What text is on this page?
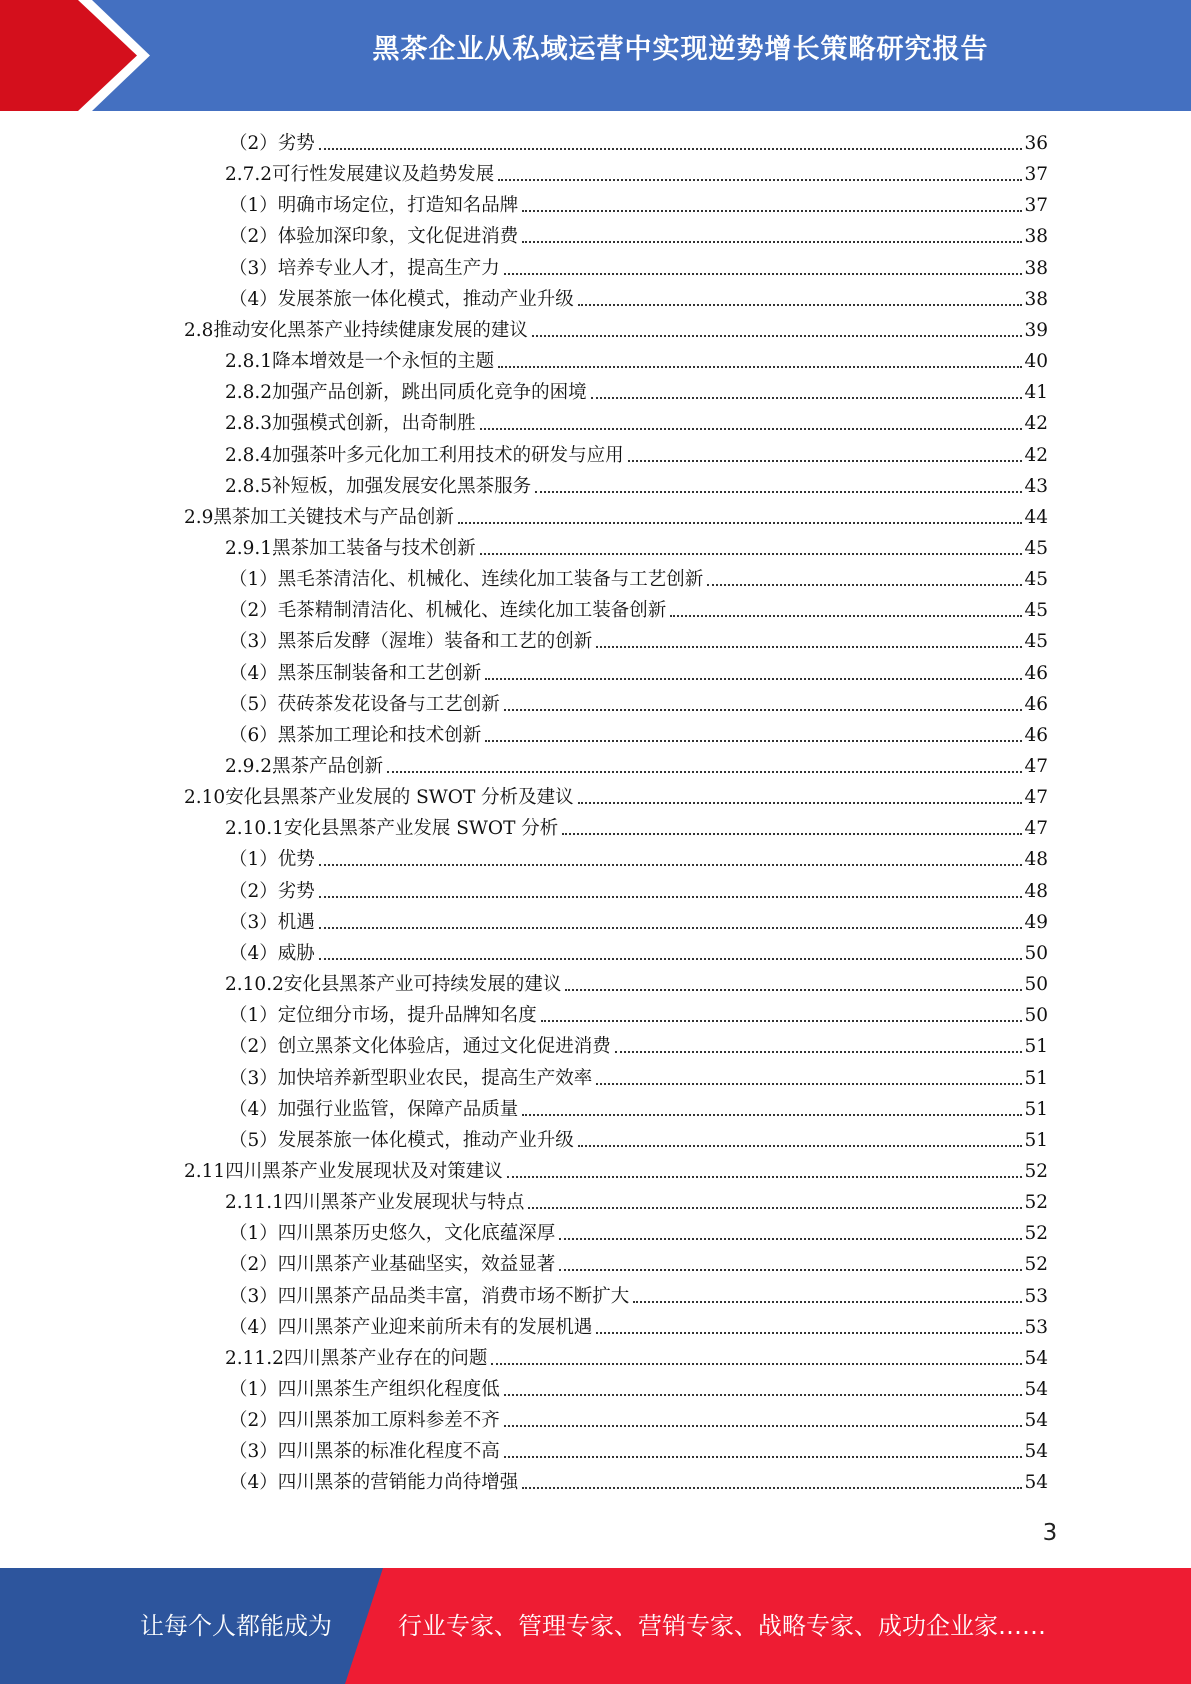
黑茶企业从私域运营中实现逆势增长策略研究报告
（2） 劣势	36
2.7.2 可行性发展建议及趋势发展	37
（1） 明确市场定位，打造知名品牌	37
（2） 体验加深印象，文化促进消费	38
（3） 培养专业人才，提高生产力	38
（4） 发展茶旅一体化模式，推动产业升级	38
2.8 推动安化黑茶产业持续健康发展的建议	39
2.8.1 降本增效是一个永恒的主题	40
2.8.2 加强产品创新，跳出同质化竞争的困境	41
2.8.3 加强模式创新，出奇制胜	42
2.8.4 加强茶叶多元化加工利用技术的研发与应用	42
2.8.5 补短板，加强发展安化黑茶服务	43
2.9 黑茶加工关键技术与产品创新	44
2.9.1 黑茶加工装备与技术创新	45
（1） 黑毛茶清洁化、机械化、连续化加工装备与工艺创新	45
（2） 毛茶精制清洁化、机械化、连续化加工装备创新	45
（3） 黑茶后发酵（渥堆）装备和工艺的创新	45
（4） 黑茶压制装备和工艺创新	46
（5） 茯砖茶发花设备与工艺创新	46
（6） 黑茶加工理论和技术创新	46
2.9.2 黑茶产品创新	47
2.10 安化县黑茶产业发展的 SWOT 分析及建议	47
2.10.1 安化县黑茶产业发展 SWOT 分析	47
（1） 优势	48
（2） 劣势	48
（3） 机遇	49
（4） 威胁	50
2.10.2 安化县黑茶产业可持续发展的建议	50
（1） 定位细分市场，提升品牌知名度	50
（2） 创立黑茶文化体验店，通过文化促进消费	51
（3） 加快培养新型职业农民，提高生产效率	51
（4） 加强行业监管，保障产品质量	51
（5） 发展茶旅一体化模式，推动产业升级	51
2.11 四川黑茶产业发展现状及对策建议	52
2.11.1 四川黑茶产业发展现状与特点	52
（1） 四川黑茶历史悠久，文化底蕴深厚	52
（2） 四川黑茶产业基础坚实，效益显著	52
（3） 四川黑茶产品品类丰富，消费市场不断扩大	53
（4） 四川黑茶产业迎来前所未有的发展机遇	53
2.11.2 四川黑茶产业存在的问题	54
（1） 四川黑茶生产组织化程度低	54
（2） 四川黑茶加工原料参差不齐	54
（3） 四川黑茶的标准化程度不高	54
（4） 四川黑茶的营销能力尚待增强	54
3
让每个人都能成为	行业专家、管理专家、营销专家、战略专家、成功企业家……
